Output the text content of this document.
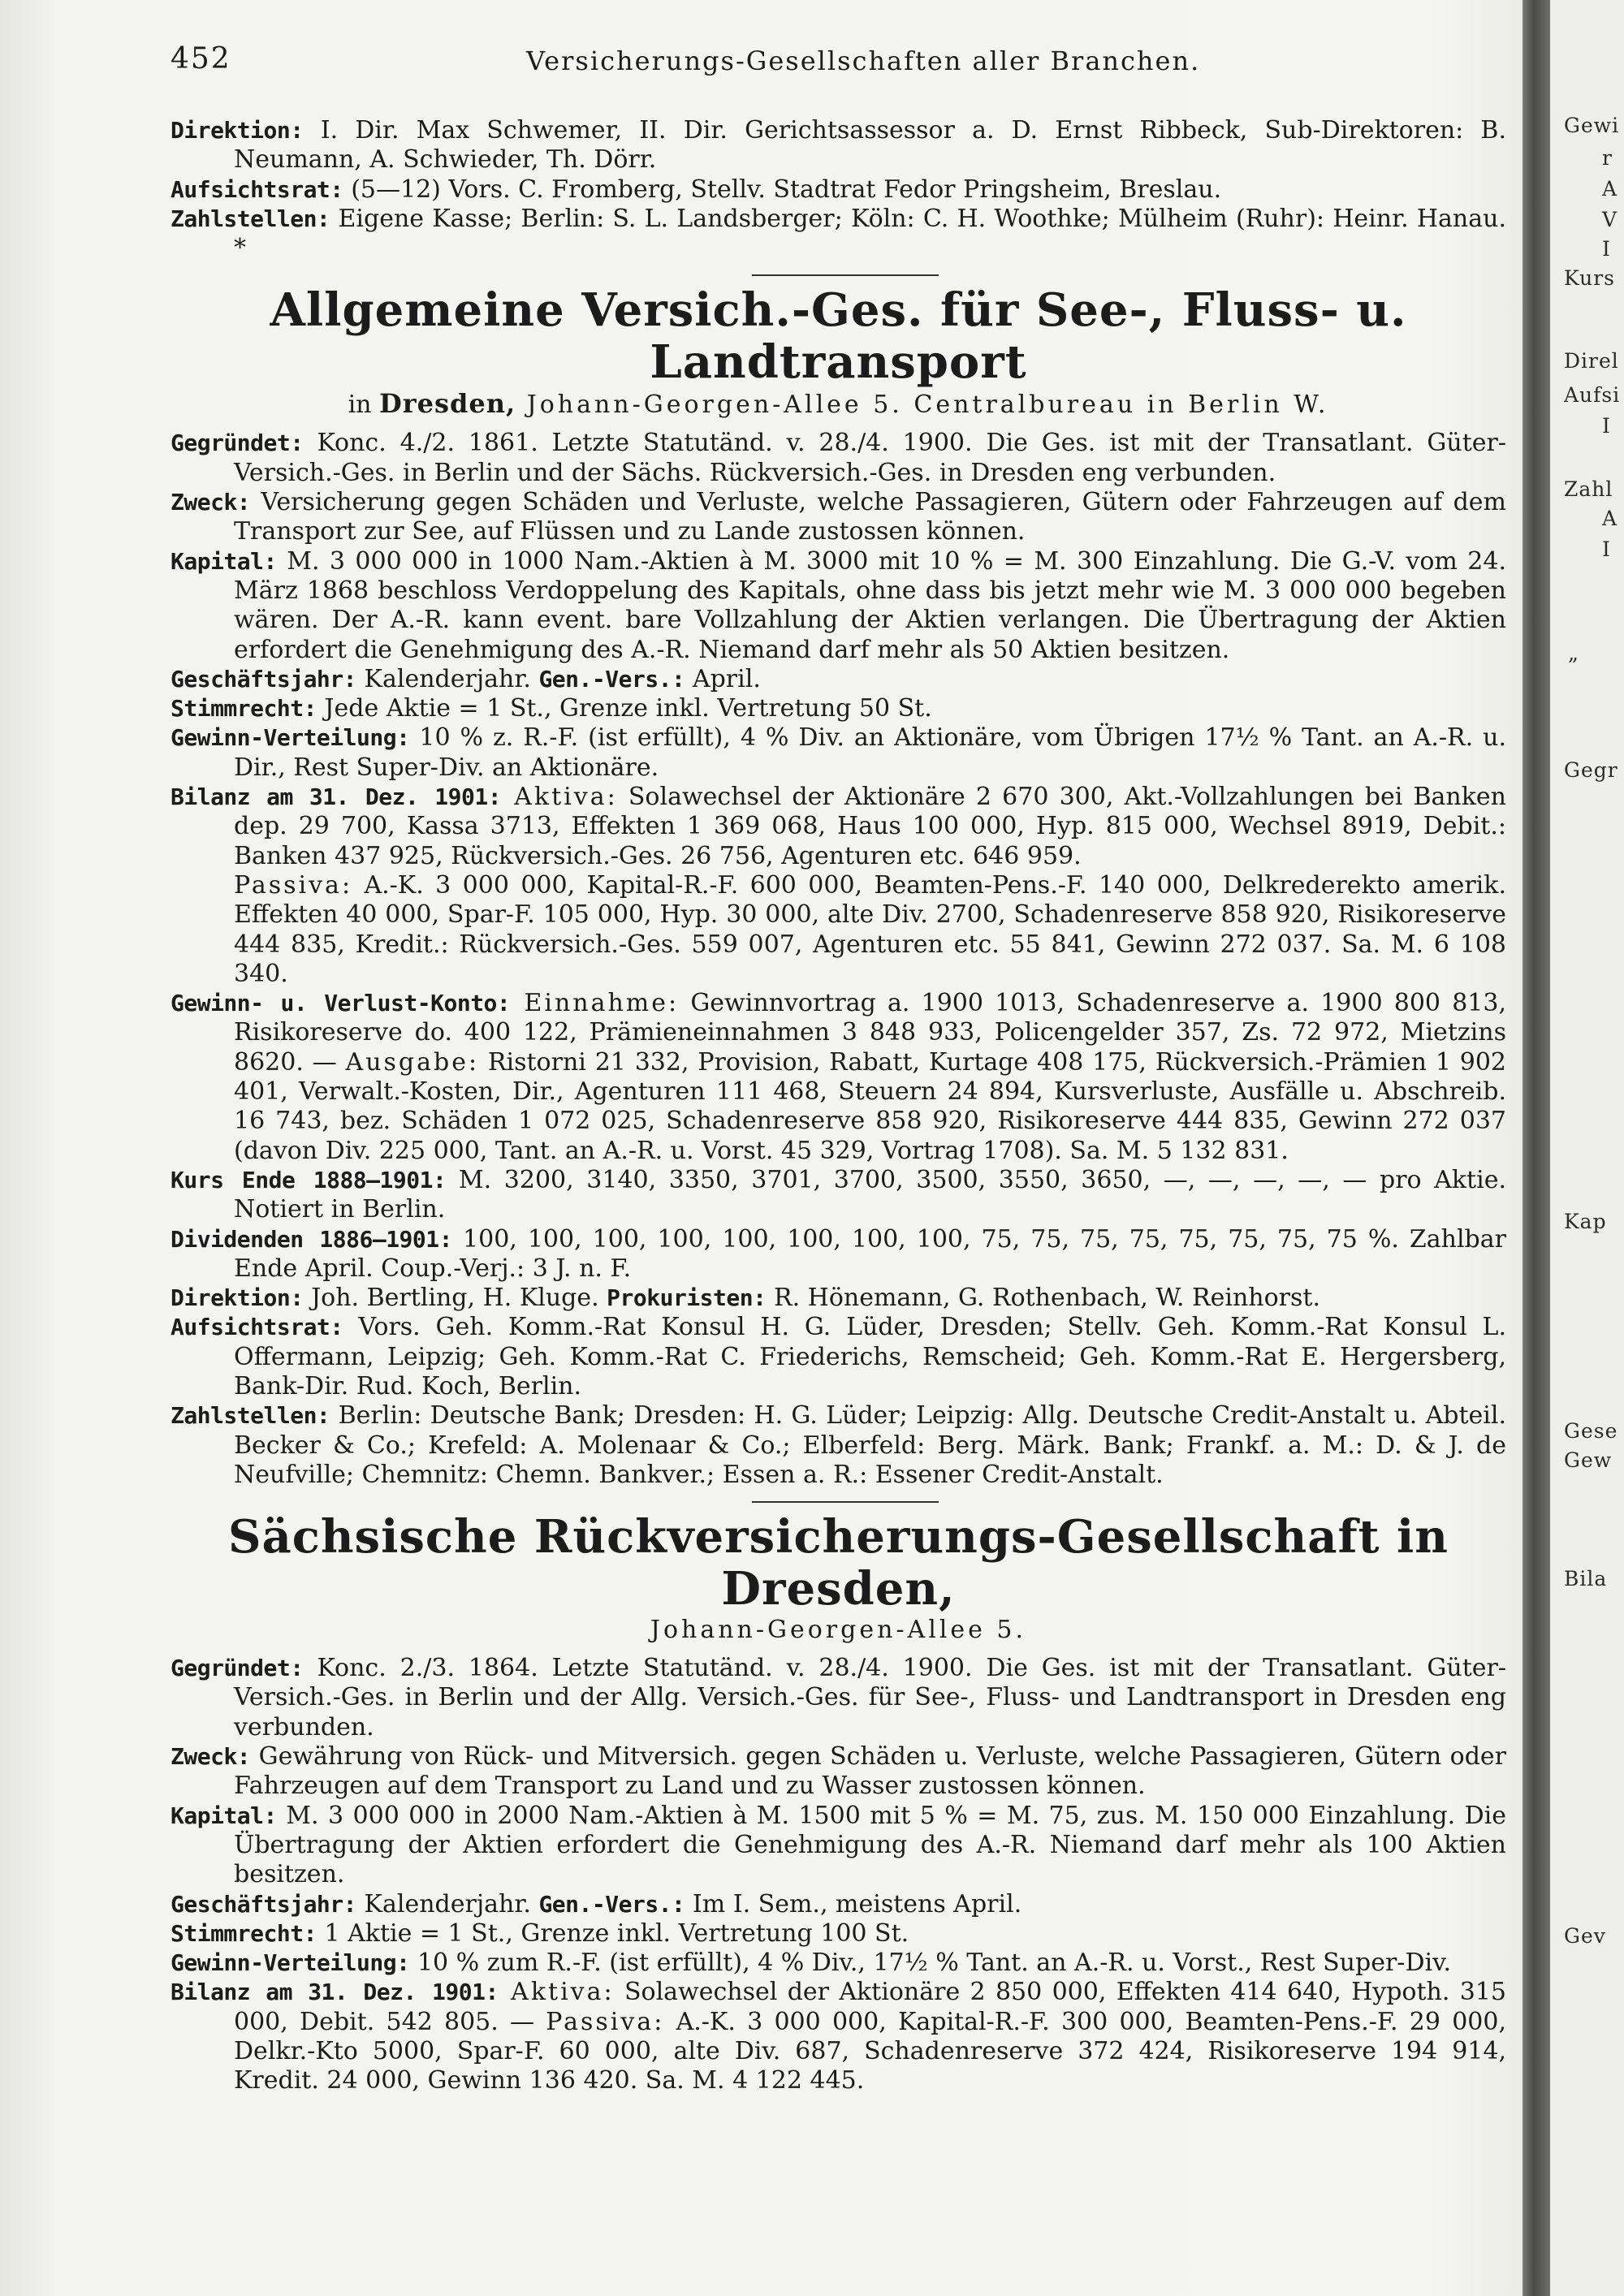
452	Versicherungs-Gesellschaften aller Branchen.

Direktion: I. Dir. Max Schwemer, II. Dir. Gerichtsassessor a. D. Ernst Ribbeck, Sub-Direktoren: B. Neumann, A. Schwieder, Th. Dörr.

Aufsichtsrat: (5—12) Vors. C. Fromberg, Stellv. Stadtrat Fedor Pringsheim, Breslau.

Zahlstellen: Eigene Kasse; Berlin: S. L. Landsberger; Köln: C. H. Woothke; Mülheim (Ruhr): Heinr. Hanau. *

Allgemeine Versich.-Ges. für See-, Fluss- u. Landtransport
in Dresden, Johann-Georgen-Allee 5. Centralbureau in Berlin W.

Gegründet: Konc. 4./2. 1861. Letzte Statutänd. v. 28./4. 1900. Die Ges. ist mit der Transatlant. Güter-Versich.-Ges. in Berlin und der Sächs. Rückversich.-Ges. in Dresden eng verbunden.

Zweck: Versicherung gegen Schäden und Verluste, welche Passagieren, Gütern oder Fahrzeugen auf dem Transport zur See, auf Flüssen und zu Lande zustossen können.

Kapital: M. 3 000 000 in 1000 Nam.-Aktien à M. 3000 mit 10 % = M. 300 Einzahlung. Die G.-V. vom 24. März 1868 beschloss Verdoppelung des Kapitals, ohne dass bis jetzt mehr wie M. 3 000 000 begeben wären. Der A.-R. kann event. bare Vollzahlung der Aktien verlangen. Die Übertragung der Aktien erfordert die Genehmigung des A.-R. Niemand darf mehr als 50 Aktien besitzen.

Geschäftsjahr: Kalenderjahr. Gen.-Vers.: April.

Stimmrecht: Jede Aktie = 1 St., Grenze inkl. Vertretung 50 St.

Gewinn-Verteilung: 10 % z. R.-F. (ist erfüllt), 4 % Div. an Aktionäre, vom Übrigen 17½ % Tant. an A.-R. u. Dir., Rest Super-Div. an Aktionäre.

Bilanz am 31. Dez. 1901: Aktiva: Solawechsel der Aktionäre 2 670 300, Akt.-Vollzahlungen bei Banken dep. 29 700, Kassa 3713, Effekten 1 369 068, Haus 100 000, Hyp. 815 000, Wechsel 8919, Debit.: Banken 437 925, Rückversich.-Ges. 26 756, Agenturen etc. 646 959.

Passiva: A.-K. 3 000 000, Kapital-R.-F. 600 000, Beamten-Pens.-F. 140 000, Delkrederekto amerik. Effekten 40 000, Spar-F. 105 000, Hyp. 30 000, alte Div. 2700, Schadenreserve 858 920, Risikoreserve 444 835, Kredit.: Rückversich.-Ges. 559 007, Agenturen etc. 55 841, Gewinn 272 037. Sa. M. 6 108 340.

Gewinn- u. Verlust-Konto: Einnahme: Gewinnvortrag a. 1900 1013, Schadenreserve a. 1900 800 813, Risikoreserve do. 400 122, Prämieneinnahmen 3 848 933, Policengelder 357, Zs. 72 972, Mietzins 8620. — Ausgabe: Ristorni 21 332, Provision, Rabatt, Kurtage 408 175, Rückversich.-Prämien 1 902 401, Verwalt.-Kosten, Dir., Agenturen 111 468, Steuern 24 894, Kursverluste, Ausfälle u. Abschreib. 16 743, bez. Schäden 1 072 025, Schadenreserve 858 920, Risikoreserve 444 835, Gewinn 272 037 (davon Div. 225 000, Tant. an A.-R. u. Vorst. 45 329, Vortrag 1708). Sa. M. 5 132 831.

Kurs Ende 1888—1901: M. 3200, 3140, 3350, 3701, 3700, 3500, 3550, 3650, —, —, —, —, — pro Aktie. Notiert in Berlin.

Dividenden 1886—1901: 100, 100, 100, 100, 100, 100, 100, 100, 75, 75, 75, 75, 75, 75, 75, 75 %. Zahlbar Ende April. Coup.-Verj.: 3 J. n. F.

Direktion: Joh. Bertling, H. Kluge. Prokuristen: R. Hönemann, G. Rothenbach, W. Reinhorst.

Aufsichtsrat: Vors. Geh. Komm.-Rat Konsul H. G. Lüder, Dresden; Stellv. Geh. Komm.-Rat Konsul L. Offermann, Leipzig; Geh. Komm.-Rat C. Friederichs, Remscheid; Geh. Komm.-Rat E. Hergersberg, Bank-Dir. Rud. Koch, Berlin.

Zahlstellen: Berlin: Deutsche Bank; Dresden: H. G. Lüder; Leipzig: Allg. Deutsche Credit-Anstalt u. Abteil. Becker & Co.; Krefeld: A. Molenaar & Co.; Elberfeld: Berg. Märk. Bank; Frankf. a. M.: D. & J. de Neufville; Chemnitz: Chemn. Bankver.; Essen a. R.: Essener Credit-Anstalt.

Sächsische Rückversicherungs-Gesellschaft in Dresden,
Johann-Georgen-Allee 5.

Gegründet: Konc. 2./3. 1864. Letzte Statutänd. v. 28./4. 1900. Die Ges. ist mit der Transatlant. Güter-Versich.-Ges. in Berlin und der Allg. Versich.-Ges. für See-, Fluss- und Landtransport in Dresden eng verbunden.

Zweck: Gewährung von Rück- und Mitversich. gegen Schäden u. Verluste, welche Passagieren, Gütern oder Fahrzeugen auf dem Transport zu Land und zu Wasser zustossen können.

Kapital: M. 3 000 000 in 2000 Nam.-Aktien à M. 1500 mit 5 % = M. 75, zus. M. 150 000 Einzahlung. Die Übertragung der Aktien erfordert die Genehmigung des A.-R. Niemand darf mehr als 100 Aktien besitzen.

Geschäftsjahr: Kalenderjahr. Gen.-Vers.: Im I. Sem., meistens April.

Stimmrecht: 1 Aktie = 1 St., Grenze inkl. Vertretung 100 St.

Gewinn-Verteilung: 10 % zum R.-F. (ist erfüllt), 4 % Div., 17½ % Tant. an A.-R. u. Vorst., Rest Super-Div.

Bilanz am 31. Dez. 1901: Aktiva: Solawechsel der Aktionäre 2 850 000, Effekten 414 640, Hypoth. 315 000, Debit. 542 805. — Passiva: A.-K. 3 000 000, Kapital-R.-F. 300 000, Beamten-Pens.-F. 29 000, Delkr.-Kto 5000, Spar-F. 60 000, alte Div. 687, Schadenreserve 372 424, Risikoreserve 194 914, Kredit. 24 000, Gewinn 136 420. Sa. M. 4 122 445.

Gewi
r
A
V
I
Kurs
Direl
Aufsi
I
Zahl
A
I
„
Gegr
Kap
Gese
Gew
Bila
Gev
